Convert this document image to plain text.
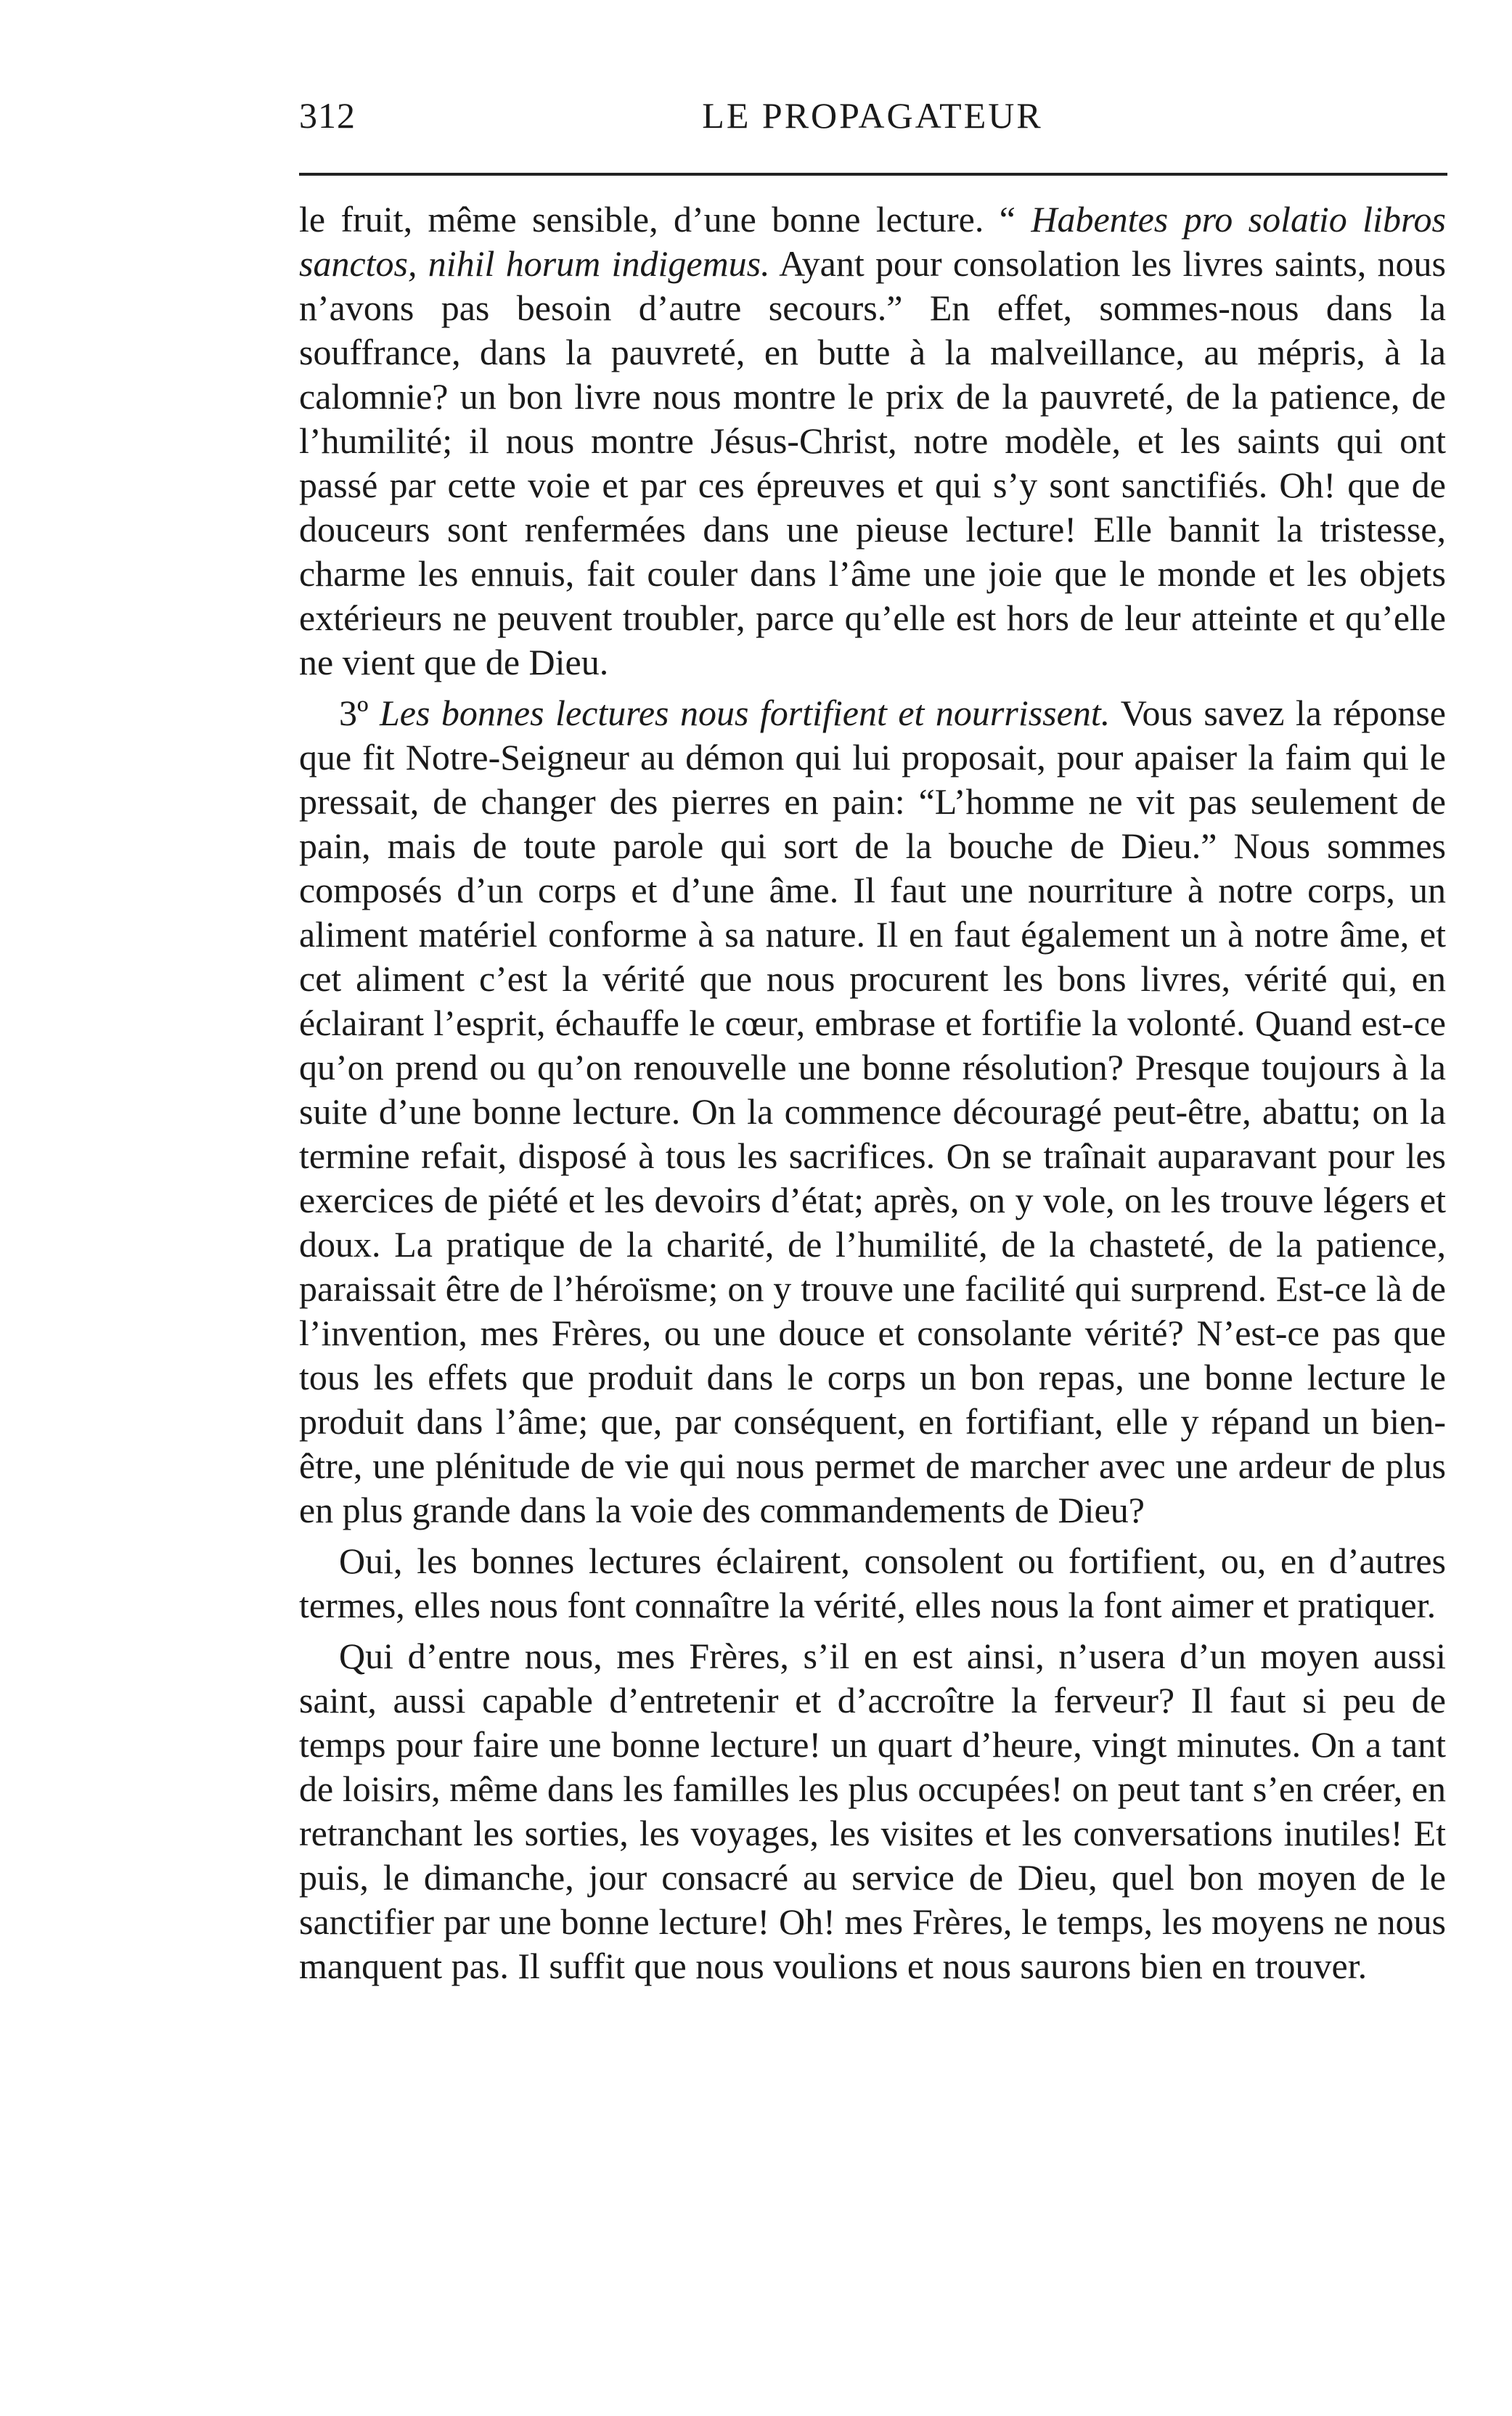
312	LE PROPAGATEUR

le fruit, même sensible, d’une bonne lecture. “ Habentes pro solatio libros sanctos, nihil horum indigemus. Ayant pour consolation les livres saints, nous n’avons pas besoin d’autre secours.” En effet, sommes-nous dans la souffrance, dans la pauvreté, en butte à la malveillance, au mépris, à la calomnie? un bon livre nous montre le prix de la pauvreté, de la patience, de l’humilité; il nous montre Jésus-Christ, notre modèle, et les saints qui ont passé par cette voie et par ces épreuves et qui s’y sont sanctifiés. Oh! que de douceurs sont renfermées dans une pieuse lecture! Elle bannit la tristesse, charme les ennuis, fait couler dans l’âme une joie que le monde et les objets extérieurs ne peuvent troubler, parce qu’elle est hors de leur atteinte et qu’elle ne vient que de Dieu.

3º Les bonnes lectures nous fortifient et nourrissent. Vous savez la réponse que fit Notre-Seigneur au démon qui lui proposait, pour apaiser la faim qui le pressait, de changer des pierres en pain: “L’homme ne vit pas seulement de pain, mais de toute parole qui sort de la bouche de Dieu.” Nous sommes composés d’un corps et d’une âme. Il faut une nourriture à notre corps, un aliment matériel conforme à sa nature. Il en faut également un à notre âme, et cet aliment c’est la vérité que nous procurent les bons livres, vérité qui, en éclairant l’esprit, échauffe le cœur, embrase et fortifie la volonté. Quand est-ce qu’on prend ou qu’on renouvelle une bonne résolution? Presque toujours à la suite d’une bonne lecture. On la commence découragé peut-être, abattu; on la termine refait, disposé à tous les sacrifices. On se traînait auparavant pour les exercices de piété et les devoirs d’état; après, on y vole, on les trouve légers et doux. La pratique de la charité, de l’humilité, de la chasteté, de la patience, paraissait être de l’héroïsme; on y trouve une facilité qui surprend. Est-ce là de l’invention, mes Frères, ou une douce et consolante vérité? N’est-ce pas que tous les effets que produit dans le corps un bon repas, une bonne lecture le produit dans l’âme; que, par conséquent, en fortifiant, elle y répand un bien-être, une plénitude de vie qui nous permet de marcher avec une ardeur de plus en plus grande dans la voie des commandements de Dieu?

Oui, les bonnes lectures éclairent, consolent ou fortifient, ou, en d’autres termes, elles nous font connaître la vérité, elles nous la font aimer et pratiquer.

Qui d’entre nous, mes Frères, s’il en est ainsi, n’usera d’un moyen aussi saint, aussi capable d’entretenir et d’accroître la ferveur? Il faut si peu de temps pour faire une bonne lecture! un quart d’heure, vingt minutes. On a tant de loisirs, même dans les familles les plus occupées! on peut tant s’en créer, en retranchant les sorties, les voyages, les visites et les conversations inutiles! Et puis, le dimanche, jour consacré au service de Dieu, quel bon moyen de le sanctifier par une bonne lecture! Oh! mes Frères, le temps, les moyens ne nous manquent pas. Il suffit que nous voulions et nous saurons bien en trouver.
